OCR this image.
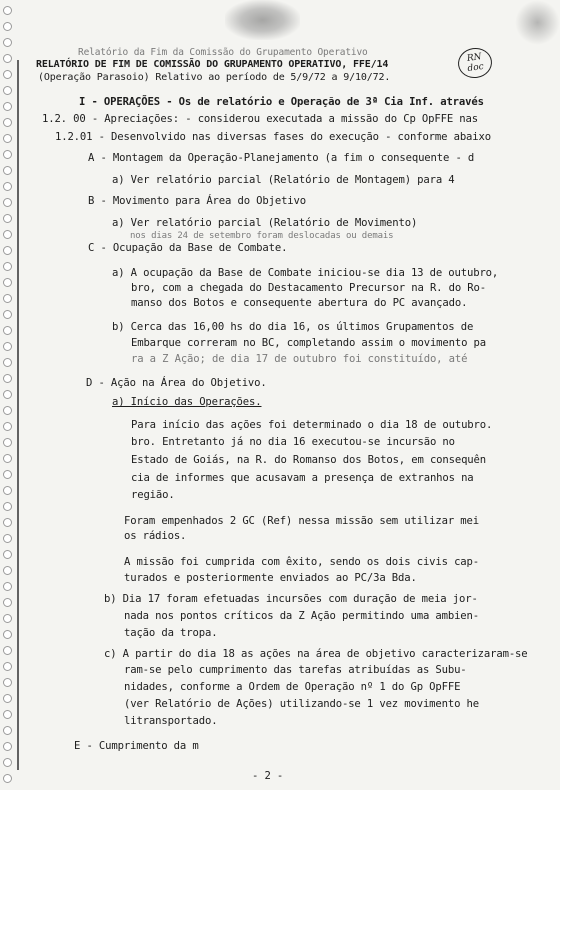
RN doc
Relatório da Fim da Comissão do Grupamento Operativo
RELATÓRIO DE FIM DE COMISSÃO DO GRUPAMENTO OPERATIVO, FFE/14
(Operação Parasoio) Relativo ao período de 5/9/72 a 9/10/72.
I - OPERAÇÕES - Os de relatório e Operação de 3ª Cia Inf. através
1.2. 00 - Apreciações: - considerou executada a missão do Cp OpFFE nas
1.2.01 - Desenvolvido nas diversas fases do execução - conforme abaixo
A - Montagem da Operação-Planejamento (a fim o consequente - d
a) Ver relatório parcial (Relatório de Montagem) para 4
B - Movimento para Área do Objetivo
a) Ver relatório parcial (Relatório de Movimento)
nos dias 24 de setembro foram deslocadas ou demais
C - Ocupação da Base de Combate.
a) A ocupação da Base de Combate iniciou-se dia 13 de outubro,
bro, com a chegada do Destacamento Precursor na R. do Ro-
manso dos Botos e consequente abertura do PC avançado.
b) Cerca das 16,00 hs do dia 16, os últimos Grupamentos de
Embarque correram no BC, completando assim o movimento pa
ra a Z Ação; de dia 17 de outubro foi constituído, até
D - Ação na Área do Objetivo.
a) Início das Operações.
Para início das ações foi determinado o dia 18 de outubro.
bro. Entretanto já no dia 16 executou-se incursão no
Estado de Goiás, na R. do Romanso dos Botos, em consequên
cia de informes que acusavam a presença de extranhos na
região.
Foram empenhados 2 GC (Ref) nessa missão sem utilizar mei
os rádios.
A missão foi cumprida com êxito, sendo os dois civis cap-
turados e posteriormente enviados ao PC/3a Bda.
b) Dia 17 foram efetuadas incursões com duração de meia jor-
nada nos pontos críticos da Z Ação permitindo uma ambien-
tação da tropa.
c) A partir do dia 18 as ações na área de objetivo caracterizaram-se
ram-se pelo cumprimento das tarefas atribuídas as Subu-
nidades, conforme a Ordem de Operação nº 1 do Gp OpFFE
(ver Relatório de Ações) utilizando-se 1 vez movimento he
litransportado.
E - Cumprimento da m
- 2 -
